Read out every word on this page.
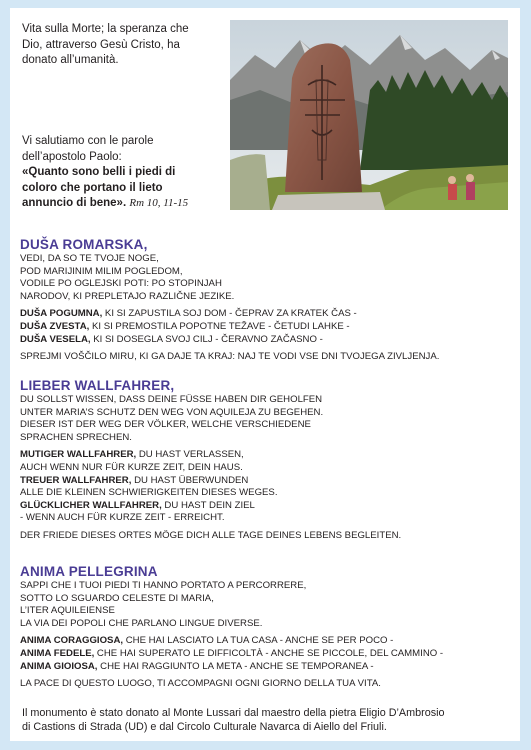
Vita sulla Morte; la speranza che
Dio, attraverso Gesù Cristo, ha
donato all’umanità.
Vi salutiamo con le parole
dell’apostolo Paolo:
«Quanto sono belli i piedi di
coloro che portano il lieto
annuncio di bene». Rm 10, 11-15
DUŠA ROMARSKA,
VEDI, DA SO TE TVOJE NOGE,
POD MARIJINIM MILIM POGLEDOM,
VODILE PO OGLEJSKI POTI: PO STOPINJAH
NARODOV, KI PREPLETAJO RAZLIČNE JEZIKE.
DUŠA POGUMNA, KI SI ZAPUSTILA SOJ DOM - ČEPRAV ZA KRATEK ČAS -
DUŠA ZVESTA, KI SI PREMOSTILA POPOTNE TEŽAVE - ČETUDI LAHKE -
DUŠA VESELA, KI SI DOSEGLA SVOJ CILJ - ČERAVNO ZAČASNO -
SPREJMI VOŠČILO MIRU, KI GA DAJE TA KRAJ: NAJ TE VODI VSE DNI TVOJEGA ZIVLJENJA.
LIEBER WALLFAHRER,
DU SOLLST WISSEN, DASS DEINE FÜSSE HABEN DIR GEHOLFEN
UNTER MARIA’S SCHUTZ DEN WEG VON AQUILEJA ZU BEGEHEN.
DIESER IST DER WEG DER VÖLKER, WELCHE VERSCHIEDENE
SPRACHEN SPRECHEN.
MUTIGER WALLFAHRER, DU HAST VERLASSEN,
AUCH WENN NUR FÜR KURZE ZEIT, DEIN HAUS.
TREUER WALLFAHRER, DU HAST ÜBERWUNDEN
ALLE DIE KLEINEN SCHWIERIGKEITEN DIESES WEGES.
GLÜCKLICHER WALLFAHRER, DU HAST DEIN ZIEL
- WENN AUCH FÜR KURZE ZEIT - ERREICHT.
DER FRIEDE DIESES ORTES MÖGE DICH ALLE TAGE DEINES LEBENS BEGLEITEN.
ANIMA PELLEGRINA
SAPPI CHE I TUOI PIEDI TI HANNO PORTATO A PERCORRERE,
SOTTO LO SGUARDO CELESTE DI MARIA,
L’ITER AQUILEIENSE
LA VIA DEI POPOLI CHE PARLANO LINGUE DIVERSE.
ANIMA CORAGGIOSA, CHE HAI LASCIATO LA TUA CASA - ANCHE SE PER POCO -
ANIMA FEDELE, CHE HAI SUPERATO LE DIFFICOLTÀ - ANCHE SE PICCOLE, DEL CAMMINO -
ANIMA GIOIOSA, CHE HAI RAGGIUNTO LA META - ANCHE SE TEMPORANEA -
LA PACE DI QUESTO LUOGO, TI ACCOMPAGNI OGNI GIORNO DELLA TUA VITA.
Il monumento è stato donato al Monte Lussari dal maestro della pietra Eligio D’Ambrosio
di Castions di Strada (UD) e dal Circolo Culturale Navarca di Aiello del Friuli.
